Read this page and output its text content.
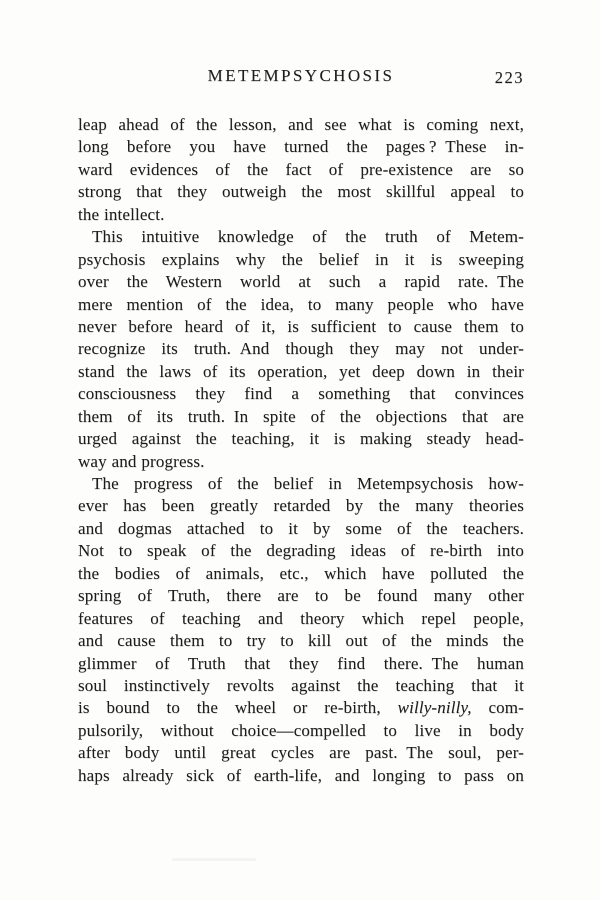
METEMPSYCHOSIS	223
leap ahead of the lesson, and see what is coming next,
long before you have turned the pages ? These in-
ward evidences of the fact of pre-existence are so
strong that they outweigh the most skillful appeal to
the intellect.
This intuitive knowledge of the truth of Metem-
psychosis explains why the belief in it is sweeping
over the Western world at such a rapid rate. The
mere mention of the idea, to many people who have
never before heard of it, is sufficient to cause them to
recognize its truth. And though they may not under-
stand the laws of its operation, yet deep down in their
consciousness they find a something that convinces
them of its truth. In spite of the objections that are
urged against the teaching, it is making steady head-
way and progress.
The progress of the belief in Metempsychosis how-
ever has been greatly retarded by the many theories
and dogmas attached to it by some of the teachers.
Not to speak of the degrading ideas of re-birth into
the bodies of animals, etc., which have polluted the
spring of Truth, there are to be found many other
features of teaching and theory which repel people,
and cause them to try to kill out of the minds the
glimmer of Truth that they find there. The human
soul instinctively revolts against the teaching that it
is bound to the wheel or re-birth, willy-nilly, com-
pulsorily, without choice—compelled to live in body
after body until great cycles are past. The soul, per-
haps already sick of earth-life, and longing to pass on
